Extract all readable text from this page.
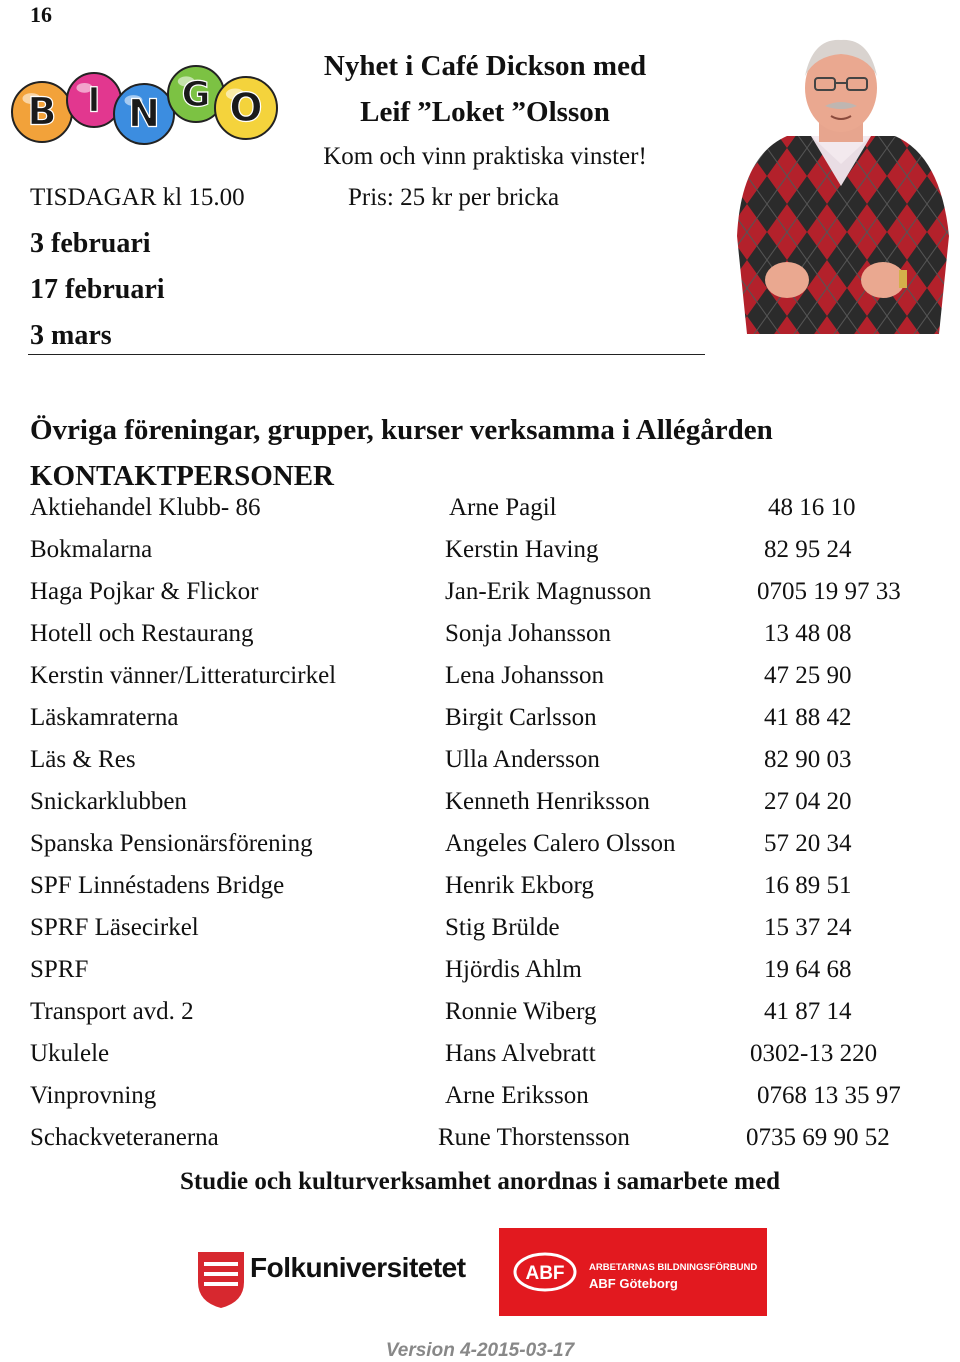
16
B I N G O
Nyhet i Café Dickson med
Leif ”Loket ”Olsson
Kom och vinn praktiska vinster!
Pris: 25 kr per bricka
TISDAGAR kl 15.00
3 februari
17 februari
3 mars
Övriga föreningar, grupper, kurser verksamma i Allégården
KONTAKTPERSONER
Aktiehandel Klubb- 86	Arne Pagil	48 16 10
Bokmalarna	Kerstin Having	82 95 24
Haga Pojkar & Flickor	Jan-Erik Magnusson	0705 19 97 33
Hotell och Restaurang	Sonja Johansson	13 48 08
Kerstin vänner/Litteraturcirkel	Lena Johansson	47 25 90
Läskamraterna	Birgit Carlsson	41 88 42
Läs & Res	Ulla Andersson	82 90 03
Snickarklubben	Kenneth Henriksson	27 04 20
Spanska Pensionärsförening	Angeles Calero Olsson	57 20 34
SPF Linnéstadens Bridge	Henrik Ekborg	16 89 51
SPRF Läsecirkel	Stig Brülde	15 37 24
SPRF	Hjördis Ahlm	19 64 68
Transport avd. 2	Ronnie Wiberg	41 87 14
Ukulele	Hans Alvebratt	0302-13 220
Vinprovning	Arne Eriksson	0768 13 35 97
Schackveteranerna	Rune Thorstensson	0735 69 90 52
Studie och kulturverksamhet anordnas i samarbete med
Folkuniversitetet	ABF	ARBETARNAS BILDNINGSFÖRBUND
ABF Göteborg
Version 4-2015-03-17
